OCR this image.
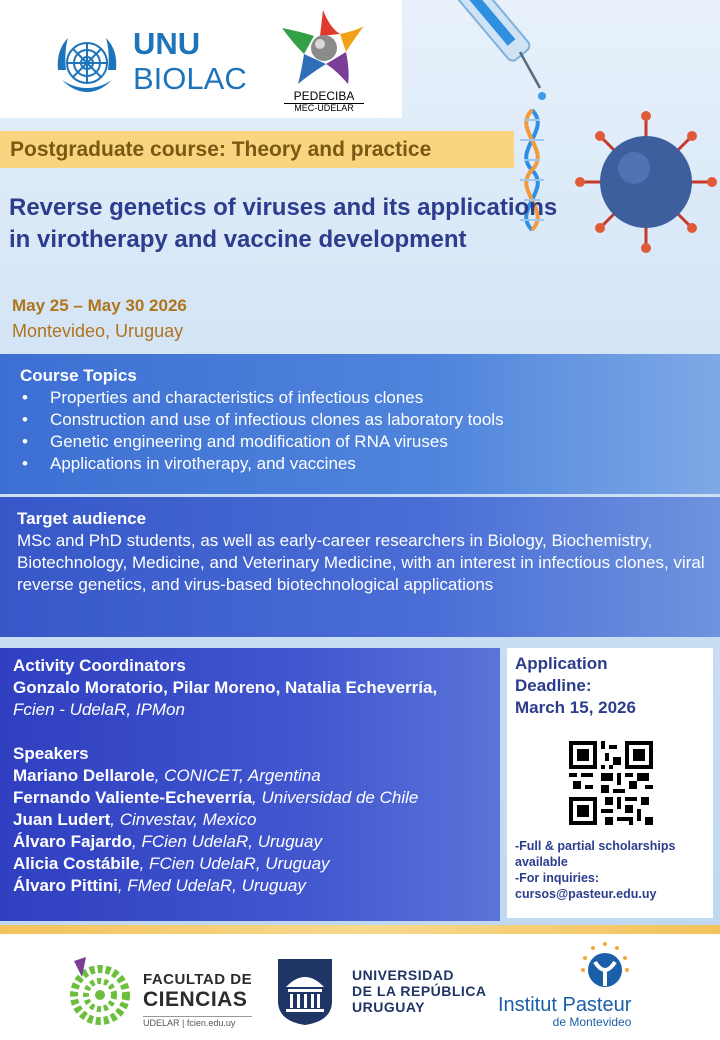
UNU
BIOLAC	PEDECIBA
MEC-UDELAR
Postgraduate course: Theory and practice
Reverse genetics of viruses and its applications in virotherapy and vaccine development
May 25 – May 30 2026
Montevideo, Uruguay
Course Topics
• Properties and characteristics of infectious clones
• Construction and use of infectious clones as laboratory tools
• Genetic engineering and modification of RNA viruses
• Applications in virotherapy, and vaccines
Target audience

MSc and PhD students, as well as early-career researchers in Biology, Biochemistry, Biotechnology, Medicine, and Veterinary Medicine, with an interest in infectious clones, viral reverse genetics, and virus-based biotechnological applications

Activity Coordinators
Gonzalo Moratorio, Pilar Moreno, Natalia Echeverría,
Fcien - UdelaR, IPMon
Speakers
Mariano Dellarole, CONICET, Argentina
Fernando Valiente-Echeverría, Universidad de Chile
Juan Ludert, Cinvestav, Mexico
Álvaro Fajardo, FCien UdelaR, Uruguay
Alicia Costábile, FCien UdelaR, Uruguay
Álvaro Pittini, FMed UdelaR, Uruguay
Application
Deadline:
March 15, 2026
-Full & partial scholarships
available
-For inquiries:
cursos@pasteur.edu.uy
FACULTAD DE
CIENCIAS
UDELAR | fcien.edu.uy
UNIVERSIDAD
DE LA REPÚBLICA
URUGUAY	Institut Pasteur
de Montevideo
